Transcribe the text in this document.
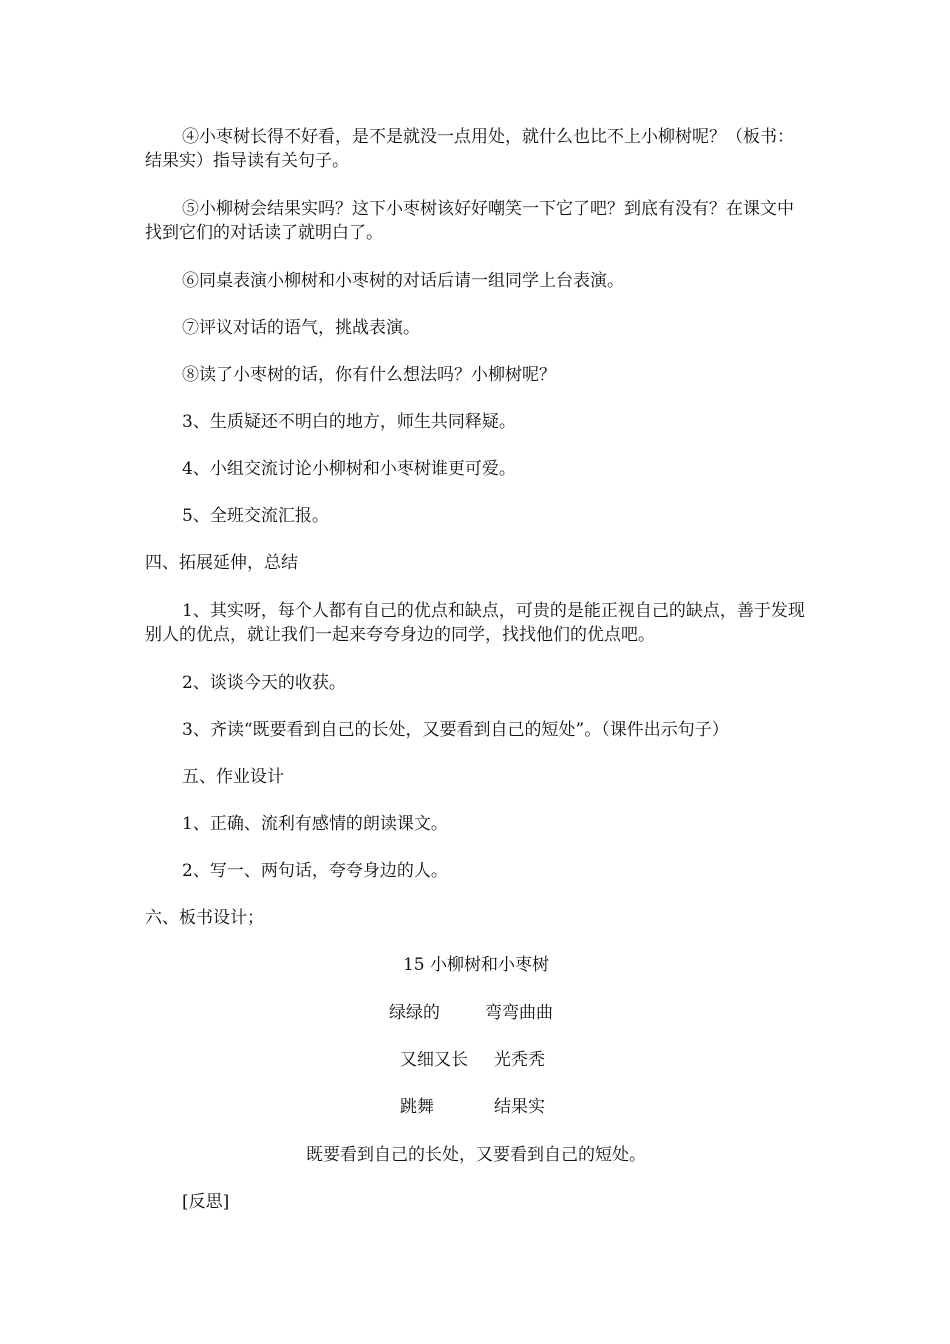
④小枣树长得不好看，是不是就没一点用处，就什么也比不上小柳树呢？（板书：结果实）指导读有关句子。
⑤小柳树会结果实吗？这下小枣树该好好嘲笑一下它了吧？到底有没有？在课文中找到它们的对话读了就明白了。
⑥同桌表演小柳树和小枣树的对话后请一组同学上台表演。
⑦评议对话的语气，挑战表演。
⑧读了小枣树的话，你有什么想法吗？小柳树呢？
3、生质疑还不明白的地方，师生共同释疑。
4、小组交流讨论小柳树和小枣树谁更可爱。
5、全班交流汇报。
四、拓展延伸，总结
1、其实呀，每个人都有自己的优点和缺点，可贵的是能正视自己的缺点，善于发现别人的优点，就让我们一起来夸夸身边的同学，找找他们的优点吧。
2、谈谈今天的收获。
3、齐读“既要看到自己的长处，又要看到自己的短处”。（课件出示句子）
五、作业设计
1、正确、流利有感情的朗读课文。
2、写一、两句话，夸夸身边的人。
六、板书设计；
15 小柳树和小枣树
绿绿的	弯弯曲曲
又细又长 光秃秃
跳舞	结果实
既要看到自己的长处，又要看到自己的短处。
[反思]
